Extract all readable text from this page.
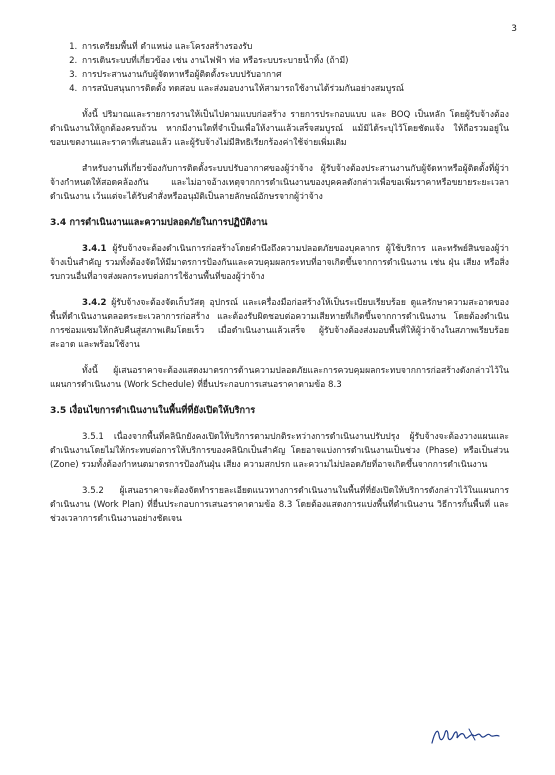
3
1. การเตรียมพื้นที่ ตำแหน่ง และโครงสร้างรองรับ
2. การเดินระบบที่เกี่ยวข้อง เช่น งานไฟฟ้า ท่อ หรือระบบระบายน้ำทิ้ง (ถ้ามี)
3. การประสานงานกับผู้จัดหาหรือผู้ติดตั้งระบบปรับอากาศ
4. การสนับสนุนการติดตั้ง ทดสอบ และส่งมอบงานให้สามารถใช้งานได้ร่วมกันอย่างสมบูรณ์

ทั้งนี้ ปริมาณและรายการงานให้เป็นไปตามแบบก่อสร้าง รายการประกอบแบบ และ BOQ เป็นหลัก โดยผู้รับจ้างต้องดำเนินงานให้ถูกต้องครบถ้วน หากมีงานใดที่จำเป็นเพื่อให้งานแล้วเสร็จสมบูรณ์ แม้มิได้ระบุไว้โดยชัดแจ้ง ให้ถือรวมอยู่ในขอบเขตงานและราคาที่เสนอแล้ว และผู้รับจ้างไม่มีสิทธิเรียกร้องค่าใช้จ่ายเพิ่มเติม

สำหรับงานที่เกี่ยวข้องกับการติดตั้งระบบปรับอากาศของผู้ว่าจ้าง ผู้รับจ้างต้องประสานงานกับผู้จัดหาหรือผู้ติดตั้งที่ผู้ว่าจ้างกำหนดให้สอดคล้องกัน และไม่อาจอ้างเหตุจากการดำเนินงานของบุคคลดังกล่าวเพื่อขอเพิ่มราคาหรือขยายระยะเวลาดำเนินงาน เว้นแต่จะได้รับคำสั่งหรืออนุมัติเป็นลายลักษณ์อักษรจากผู้ว่าจ้าง

3.4 การดำเนินงานและความปลอดภัยในการปฏิบัติงาน

3.4.1 ผู้รับจ้างจะต้องดำเนินการก่อสร้างโดยคำนึงถึงความปลอดภัยของบุคลากร ผู้ใช้บริการ และทรัพย์สินของผู้ว่าจ้างเป็นสำคัญ รวมทั้งต้องจัดให้มีมาตรการป้องกันและควบคุมผลกระทบที่อาจเกิดขึ้นจากการดำเนินงาน เช่น ฝุ่น เสียง หรือสิ่งรบกวนอื่นที่อาจส่งผลกระทบต่อการใช้งานพื้นที่ของผู้ว่าจ้าง

3.4.2 ผู้รับจ้างจะต้องจัดเก็บวัสดุ อุปกรณ์ และเครื่องมือก่อสร้างให้เป็นระเบียบเรียบร้อย ดูแลรักษาความสะอาดของพื้นที่ดำเนินงานตลอดระยะเวลาการก่อสร้าง และต้องรับผิดชอบต่อความเสียหายที่เกิดขึ้นจากการดำเนินงาน โดยต้องดำเนินการซ่อมแซมให้กลับคืนสู่สภาพเดิมโดยเร็ว เมื่อดำเนินงานแล้วเสร็จ ผู้รับจ้างต้องส่งมอบพื้นที่ให้ผู้ว่าจ้างในสภาพเรียบร้อย สะอาด และพร้อมใช้งาน

ทั้งนี้ ผู้เสนอราคาจะต้องแสดงมาตรการด้านความปลอดภัยและการควบคุมผลกระทบจากการก่อสร้างดังกล่าวไว้ในแผนการดำเนินงาน (Work Schedule) ที่ยื่นประกอบการเสนอราคาตามข้อ 8.3

3.5 เงื่อนไขการดำเนินงานในพื้นที่ที่ยังเปิดให้บริการ

3.5.1 เนื่องจากพื้นที่คลินิกยังคงเปิดให้บริการตามปกติระหว่างการดำเนินงานปรับปรุง ผู้รับจ้างจะต้องวางแผนและดำเนินงานโดยไม่ให้กระทบต่อการให้บริการของคลินิกเป็นสำคัญ โดยอาจแบ่งการดำเนินงานเป็นช่วง (Phase) หรือเป็นส่วน (Zone) รวมทั้งต้องกำหนดมาตรการป้องกันฝุ่น เสียง ความสกปรก และความไม่ปลอดภัยที่อาจเกิดขึ้นจากการดำเนินงาน

3.5.2 ผู้เสนอราคาจะต้องจัดทำรายละเอียดแนวทางการดำเนินงานในพื้นที่ที่ยังเปิดให้บริการดังกล่าวไว้ในแผนการดำเนินงาน (Work Plan) ที่ยื่นประกอบการเสนอราคาตามข้อ 8.3 โดยต้องแสดงการแบ่งพื้นที่ดำเนินงาน วิธีการกั้นพื้นที่ และช่วงเวลาการดำเนินงานอย่างชัดเจน
